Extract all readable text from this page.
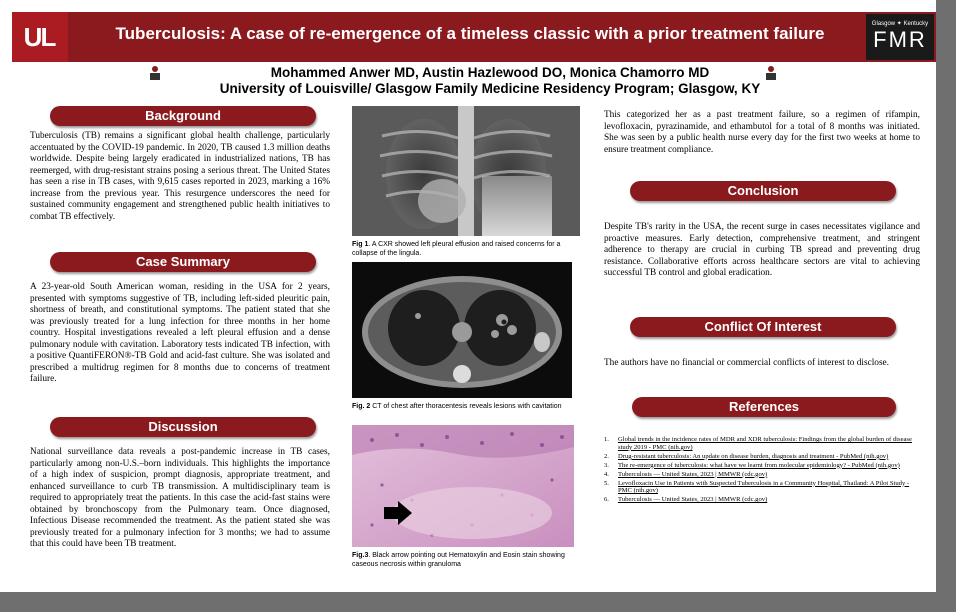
U
L	Tuberculosis: A case of re-emergence of a timeless classic with a prior treatment failure	Glasgow ✦ Kentucky
FMR
Mohammed Anwer MD, Austin Hazlewood DO, Monica Chamorro MD
University of Louisville/ Glasgow Family Medicine Residency Program; Glasgow, KY
Background
Tuberculosis (TB) remains a significant global health challenge, particularly accentuated by the COVID-19 pandemic. In 2020, TB caused 1.3 million deaths worldwide. Despite being largely eradicated in industrialized nations, TB has reemerged, with drug-resistant strains posing a serious threat. The United States has seen a rise in TB cases, with 9,615 cases reported in 2023, marking a 16% increase from the previous year. This resurgence underscores the need for sustained community engagement and strengthened public health initiatives to combat TB effectively.
Case Summary
A 23-year-old South American woman, residing in the USA for 2 years, presented with symptoms suggestive of TB, including left-sided pleuritic pain, shortness of breath, and constitutional symptoms. The patient stated that she was previously treated for a lung infection for three months in her home country. Hospital investigations revealed a left pleural effusion and a dense pulmonary nodule with cavitation. Laboratory tests indicated TB infection, with a positive QuantiFERON®-TB Gold and acid-fast culture. She was isolated and prescribed a multidrug regimen for 8 months due to concerns of treatment failure.
Discussion
National surveillance data reveals a post-pandemic increase in TB cases, particularly among non-U.S.–born individuals. This highlights the importance of a high index of suspicion, prompt diagnosis, appropriate treatment, and enhanced surveillance to curb TB transmission. A multidisciplinary team is required to appropriately treat the patients. In this case the acid-fast stains were obtained by bronchoscopy from the Pulmonary team. Once diagnosed, Infectious Disease recommended the treatment. As the patient stated she was previously treated for a pulmonary infection for 3 months; we had to assume that this could have been TB treatment.
Fig 1. A CXR showed left pleural effusion and raised concerns for a collapse of the lingula.
Fig. 2 CT of chest after thoracentesis reveals lesions with cavitation
Fig.3. Black arrow pointing out Hematoxylin and Eosin stain showing caseous necrosis within granuloma
This categorized her as a past treatment failure, so a regimen of rifampin, levofloxacin, pyrazinamide, and ethambutol for a total of 8 months was initiated. She was seen by a public health nurse every day for the first two weeks at home to ensure treatment compliance.
Conclusion
Despite TB's rarity in the USA, the recent surge in cases necessitates vigilance and proactive measures. Early detection, comprehensive treatment, and stringent adherence to therapy are crucial in curbing TB spread and preventing drug resistance. Collaborative efforts across healthcare sectors are vital to achieving successful TB control and global eradication.
Conflict Of Interest
The authors have no financial or commercial conflicts of interest to disclose.
References
1.	Global trends in the incidence rates of MDR and XDR tuberculosis: Findings from the global burden of disease study 2019 - PMC (nih.gov)
2.	Drug-resistant tuberculosis: An update on disease burden, diagnosis and treatment - PubMed (nih.gov)
3.	The re-emergence of tuberculosis: what have we learnt from molecular epidemiology? - PubMed (nih.gov)
4.	Tuberculosis — United States, 2023 | MMWR (cdc.gov)
5.	Levofloxacin Use in Patients with Suspected Tuberculosis in a Community Hospital, Thailand: A Pilot Study - PMC (nih.gov)
6.	Tuberculosis — United States, 2023 | MMWR (cdc.gov)
